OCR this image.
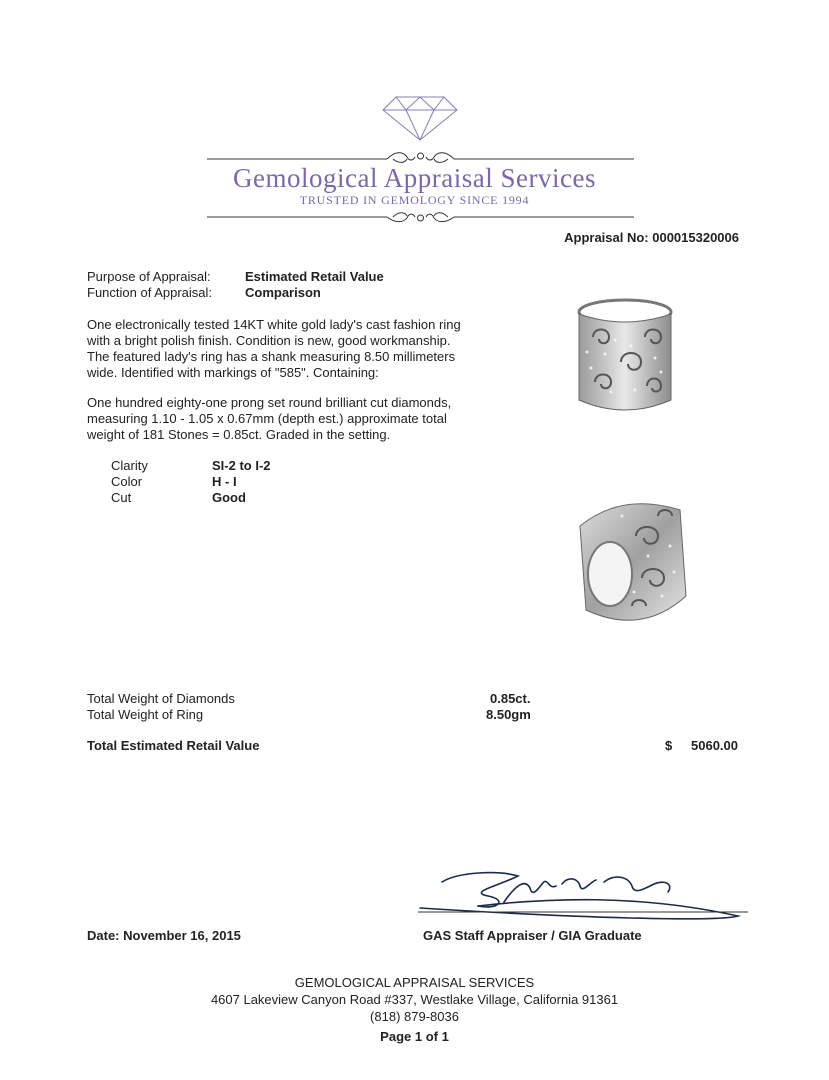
Gemological Appraisal Services
TRUSTED IN GEMOLOGY SINCE 1994
Appraisal No: 000015320006
Purpose of Appraisal:	Estimated Retail Value
Function of Appraisal:	Comparison
One electronically tested 14KT white gold lady's cast fashion ring
with a bright polish finish. Condition is new, good workmanship.
The featured lady's ring has a shank measuring 8.50 millimeters
wide. Identified with markings of "585". Containing:
One hundred eighty-one prong set round brilliant cut diamonds,
measuring 1.10 - 1.05 x 0.67mm (depth est.) approximate total
weight of 181 Stones = 0.85ct. Graded in the setting.
Clarity	SI-2 to I-2
Color	H - I
Cut	Good
Total Weight of Diamonds	0.85ct.
Total Weight of Ring	8.50gm
Total Estimated Retail Value	$ 5060.00
Date: November 16, 2015	GAS Staff Appraiser / GIA Graduate
GEMOLOGICAL APPRAISAL SERVICES
4607 Lakeview Canyon Road #337, Westlake Village, California 91361
(818) 879-8036
Page 1 of 1
